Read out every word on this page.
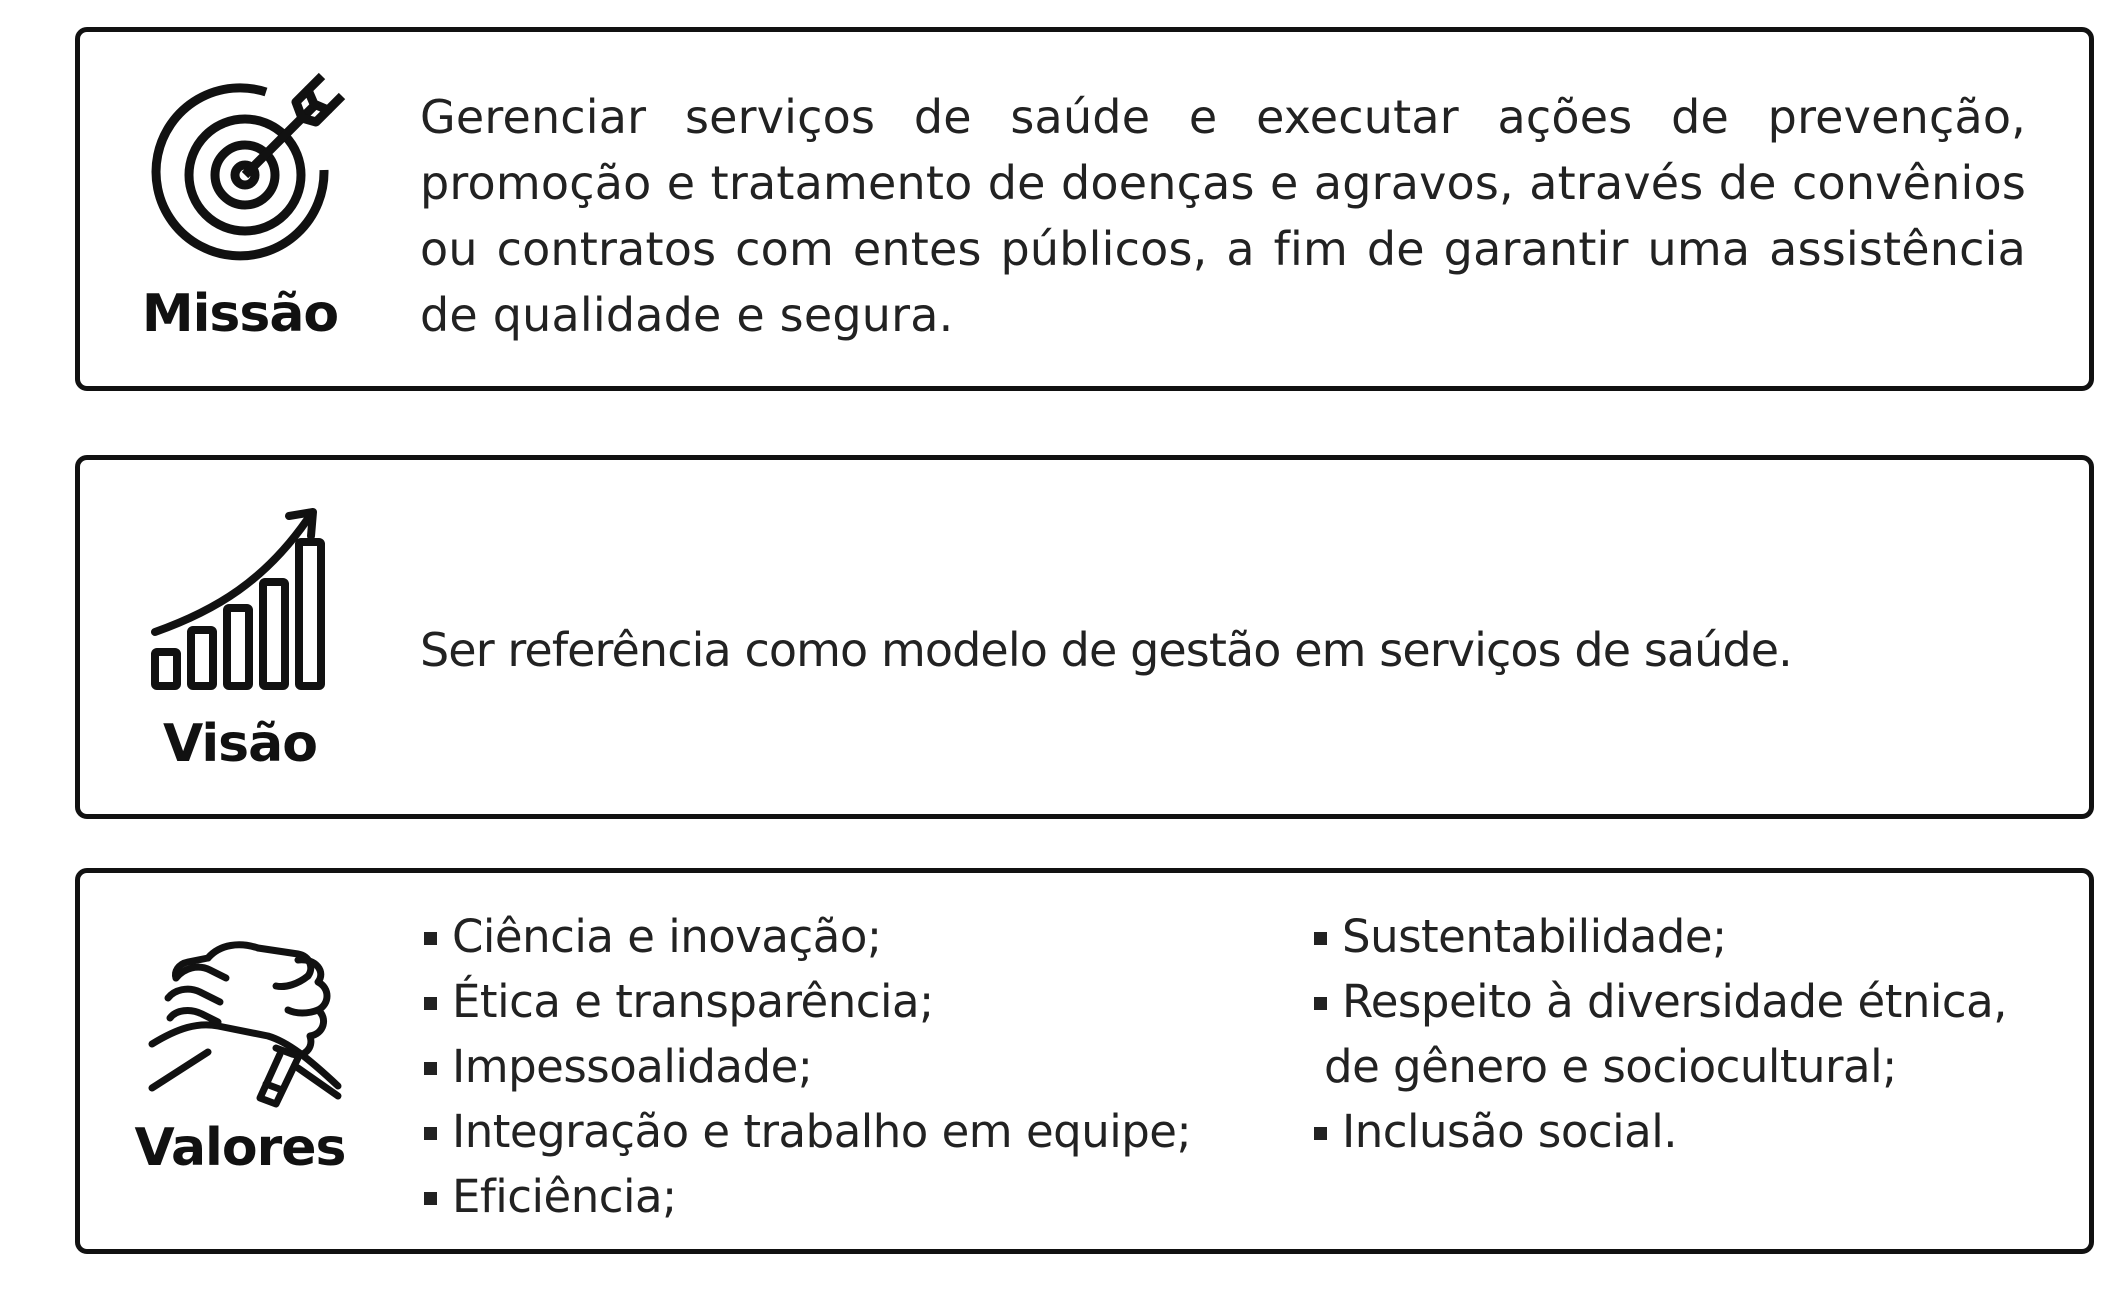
Missão
Gerenciar serviços de saúde e executar ações de prevenção, promoção e tratamento de doenças e agravos, através de convênios ou contratos com entes públicos, a fim de garantir uma assistência de qualidade e segura.
Visão
Ser referência como modelo de gestão em serviços de saúde.
Valores
Ciência e inovação;
Ética e transparência;
Impessoalidade;
Integração e trabalho em equipe;
Eficiência;
Sustentabilidade;
Respeito à diversidade étnica,
de gênero e sociocultural;
Inclusão social.
